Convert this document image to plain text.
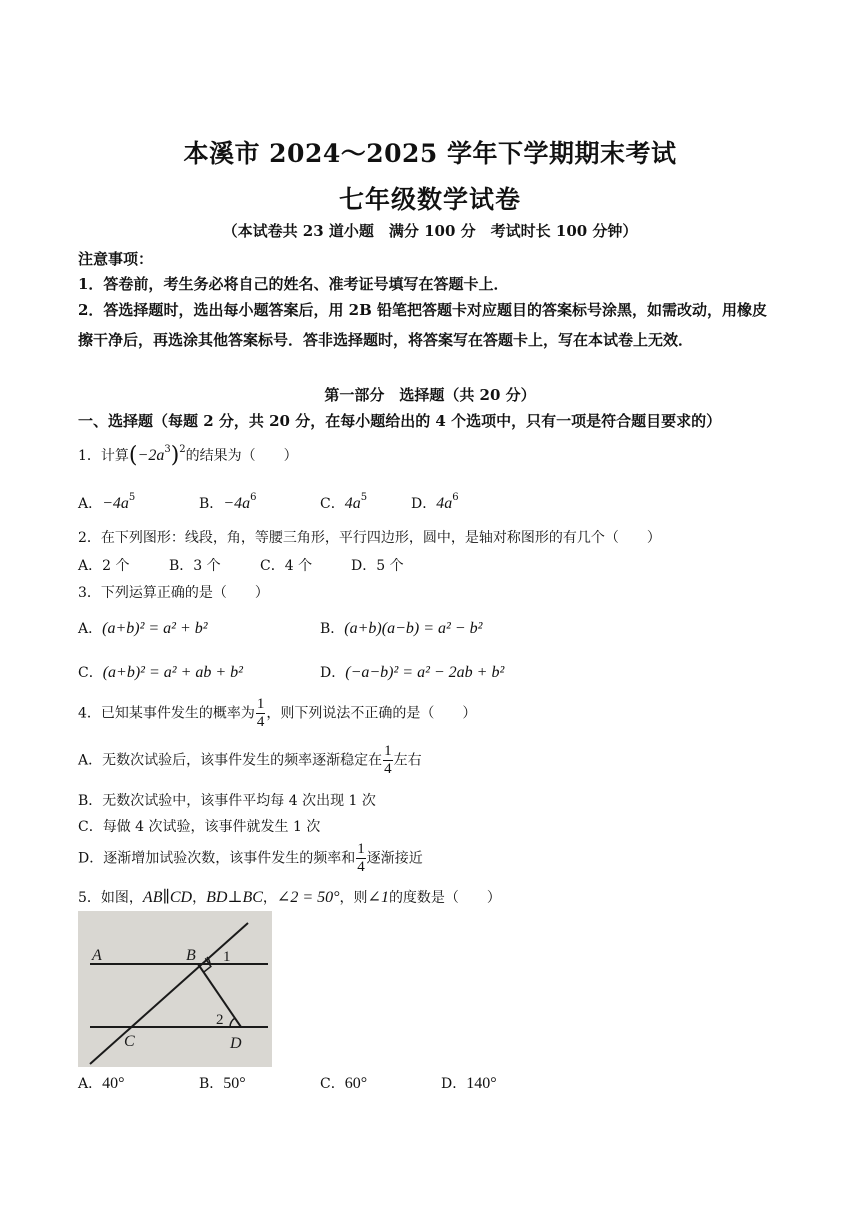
本溪市 2024～2025 学年下学期期末考试
七年级数学试卷
（本试卷共 23 道小题　满分 100 分　考试时长 100 分钟）
注意事项：
1．答卷前，考生务必将自己的姓名、准考证号填写在答题卡上．
2．答选择题时，选出每小题答案后，用 2B 铅笔把答题卡对应题目的答案标号涂黑，如需改动，用橡皮擦干净后，再选涂其他答案标号．答非选择题时，将答案写在答题卡上，写在本试卷上无效．
第一部分　选择题（共 20 分）
一、选择题（每题 2 分，共 20 分，在每小题给出的 4 个选项中，只有一项是符合题目要求的）
1．计算$(-2a^3)^2$的结果为（　　）
A．$-4a^5$	B．$-4a^6$	C．$4a^5$	D．$4a^6$
2．在下列图形：线段，角，等腰三角形，平行四边形，圆中，是轴对称图形的有几个（　　）
A．2 个	B．3 个	C．4 个	D．5 个
3．下列运算正确的是（　　）
A．(a+b)² = a² + b²	B．(a+b)(a−b) = a² − b²
C．(a+b)² = a² + ab + b²	D．(−a−b)² = a² − 2ab + b²
4．已知某事件发生的概率为 $\frac{1}{4}$ ，则下列说法不正确的是（　　）
A．无数次试验后，该事件发生的频率逐渐稳定在 $\frac{1}{4}$ 左右
B．无数次试验中，该事件平均每 4 次出现 1 次
C．每做 4 次试验，该事件就发生 1 次
D．逐渐增加试验次数，该事件发生的频率和 $\frac{1}{4}$ 逐渐接近
5．如图，AB∥CD，BD⊥BC，∠2 = 50°，则∠1的度数是（　　）
A	B 1
2
C	D
A．40°	B．50°	C．60°	D．140°
